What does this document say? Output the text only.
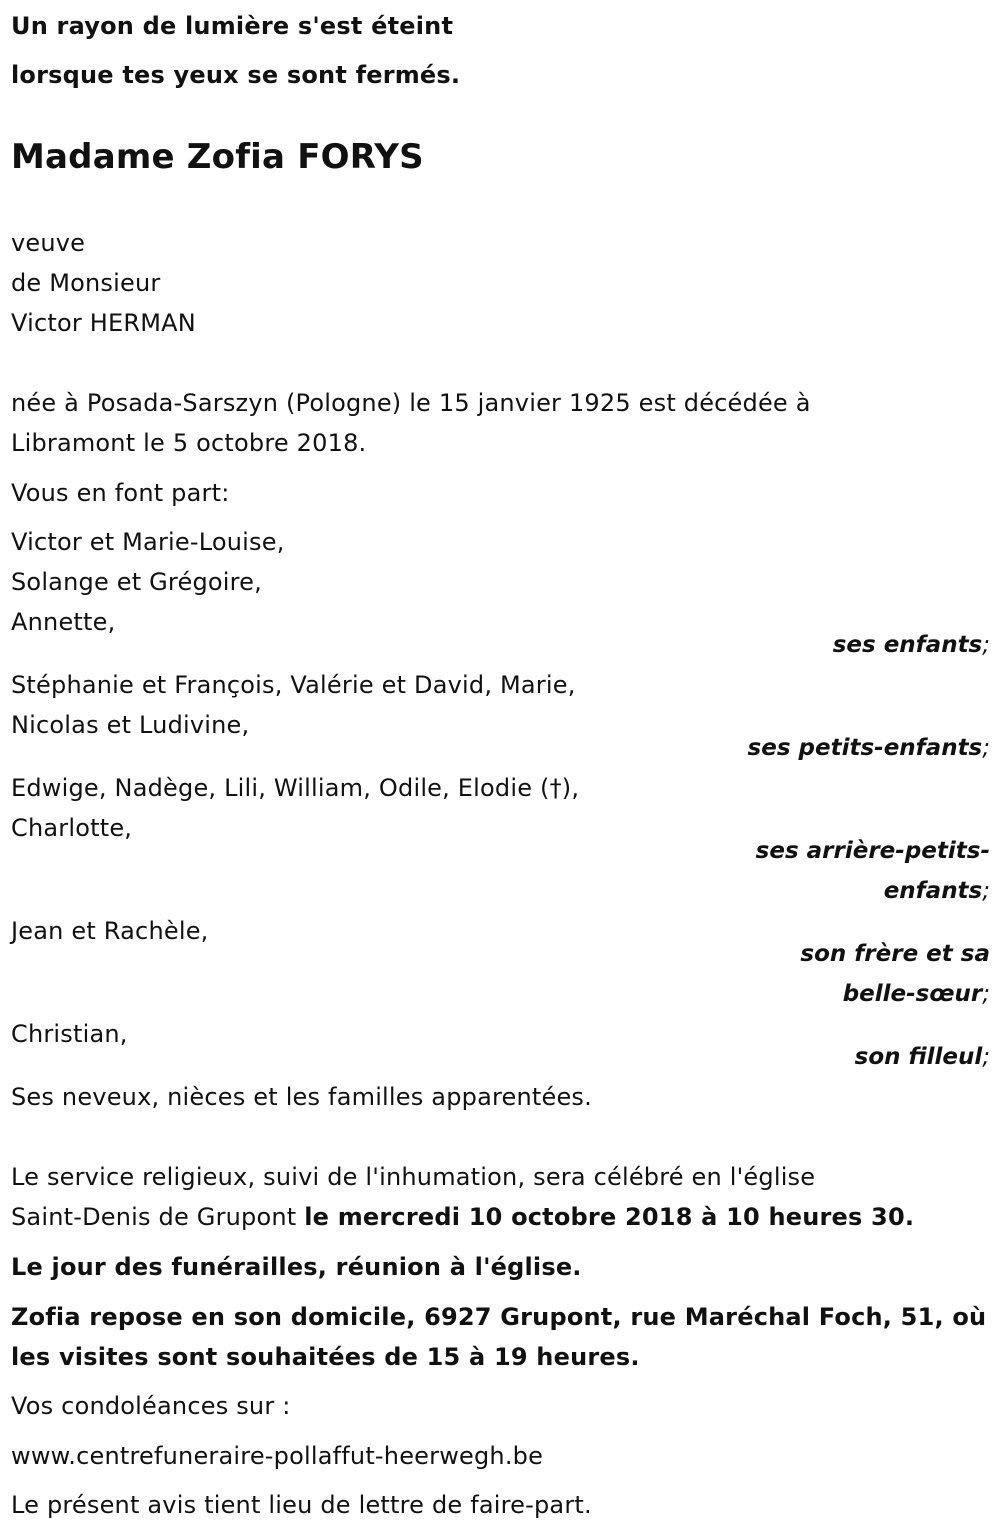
Un rayon de lumière s'est éteint
lorsque tes yeux se sont fermés.
Madame Zofia FORYS
veuve
de Monsieur
Victor HERMAN
née à Posada-Sarszyn (Pologne) le 15 janvier 1925 est décédée à
Libramont le 5 octobre 2018.
Vous en font part:
Victor et Marie-Louise,
Solange et Grégoire,
Annette,
ses enfants;
Stéphanie et François, Valérie et David, Marie,
Nicolas et Ludivine,
ses petits-enfants;
Edwige, Nadège, Lili, William, Odile, Elodie (†),
Charlotte,
ses arrière-petits-
enfants;
Jean et Rachèle,
son frère et sa
belle-sœur;
Christian,
son filleul;
Ses neveux, nièces et les familles apparentées.
Le service religieux, suivi de l'inhumation, sera célébré en l'église
Saint-Denis de Grupont le mercredi 10 octobre 2018 à 10 heures 30.
Le jour des funérailles, réunion à l'église.
Zofia repose en son domicile, 6927 Grupont, rue Maréchal Foch, 51, où
les visites sont souhaitées de 15 à 19 heures.
Vos condoléances sur :
www.centrefuneraire-pollaffut-heerwegh.be
Le présent avis tient lieu de lettre de faire-part.
